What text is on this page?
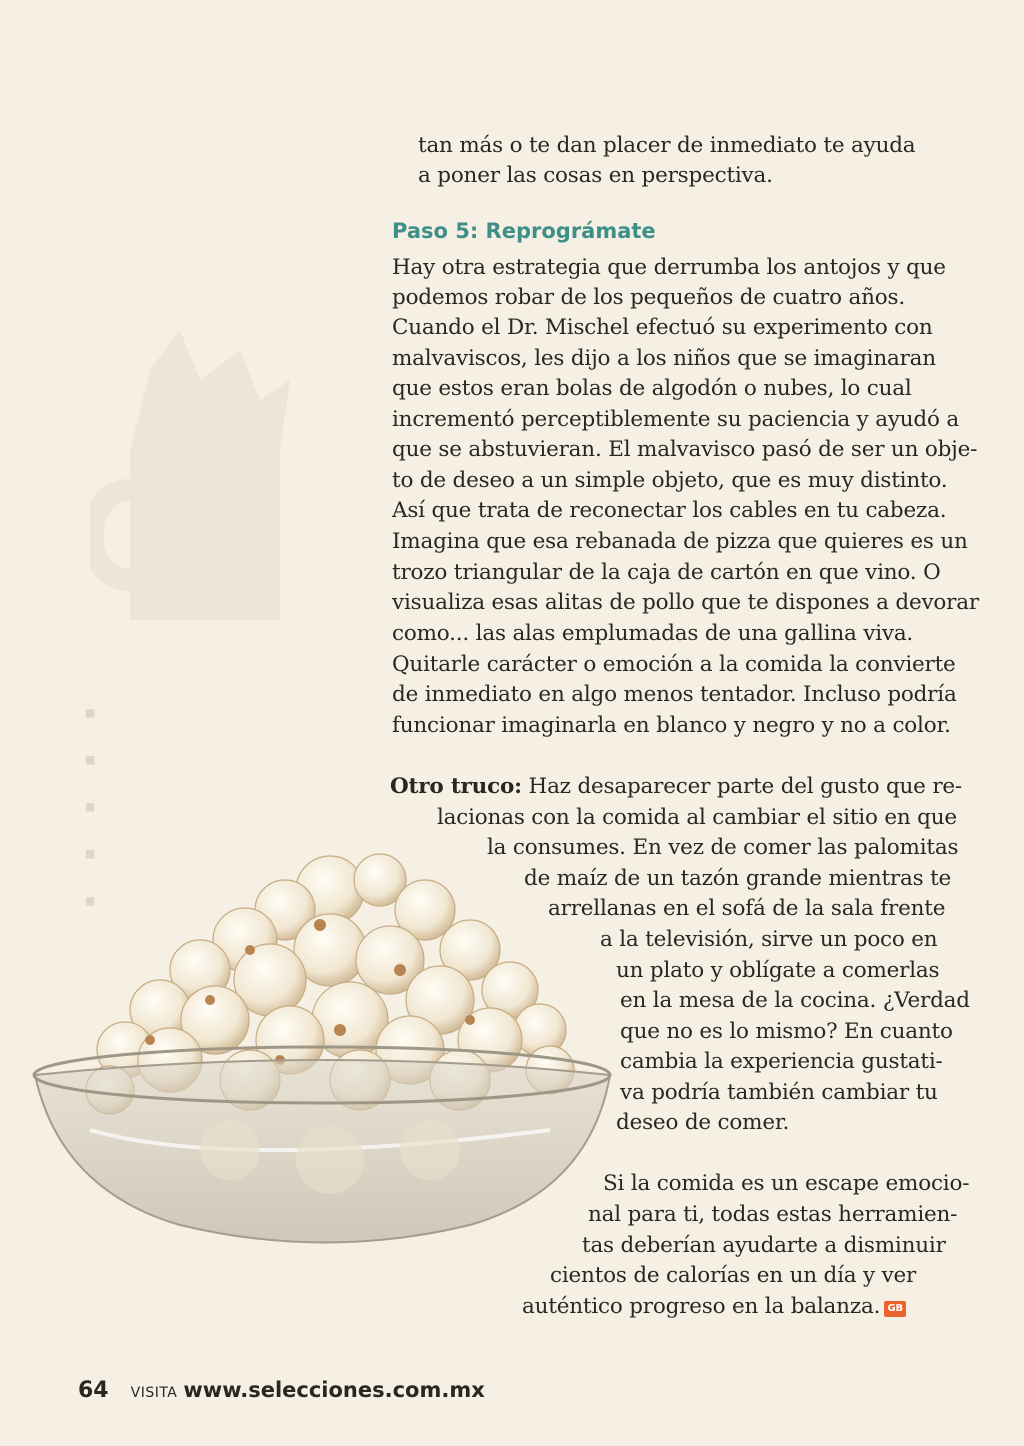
▪
▪
▪
▪
▪
tan más o te dan placer de inmediato te ayuda
a poner las cosas en perspectiva.
Paso 5: Reprográmate
Hay otra estrategia que derrumba los antojos y que
podemos robar de los pequeños de cuatro años.
Cuando el Dr. Mischel efectuó su experimento con
malvaviscos, les dijo a los niños que se imaginaran
que estos eran bolas de algodón o nubes, lo cual
incrementó perceptiblemente su paciencia y ayudó a
que se abstuvieran. El malvavisco pasó de ser un obje-
to de deseo a un simple objeto, que es muy distinto.
Así que trata de reconectar los cables en tu cabeza.
Imagina que esa rebanada de pizza que quieres es un
trozo triangular de la caja de cartón en que vino. O
visualiza esas alitas de pollo que te dispones a devorar
como... las alas emplumadas de una gallina viva.
Quitarle carácter o emoción a la comida la convierte
de inmediato en algo menos tentador. Incluso podría
funcionar imaginarla en blanco y negro y no a color.
Otro truco: Haz desaparecer parte del gusto que re-
lacionas con la comida al cambiar el sitio en que
la consumes. En vez de comer las palomitas
de maíz de un tazón grande mientras te
arrellanas en el sofá de la sala frente
a la televisión, sirve un poco en
un plato y oblígate a comerlas
en la mesa de la cocina. ¿Verdad
que no es lo mismo? En cuanto
cambia la experiencia gustati-
va podría también cambiar tu
deseo de comer.
Si la comida es un escape emocio-
nal para ti, todas estas herramien-
tas deberían ayudarte a disminuir
cientos de calorías en un día y ver
auténtico progreso en la balanza. GB
64 VISITA www.selecciones.com.mx
